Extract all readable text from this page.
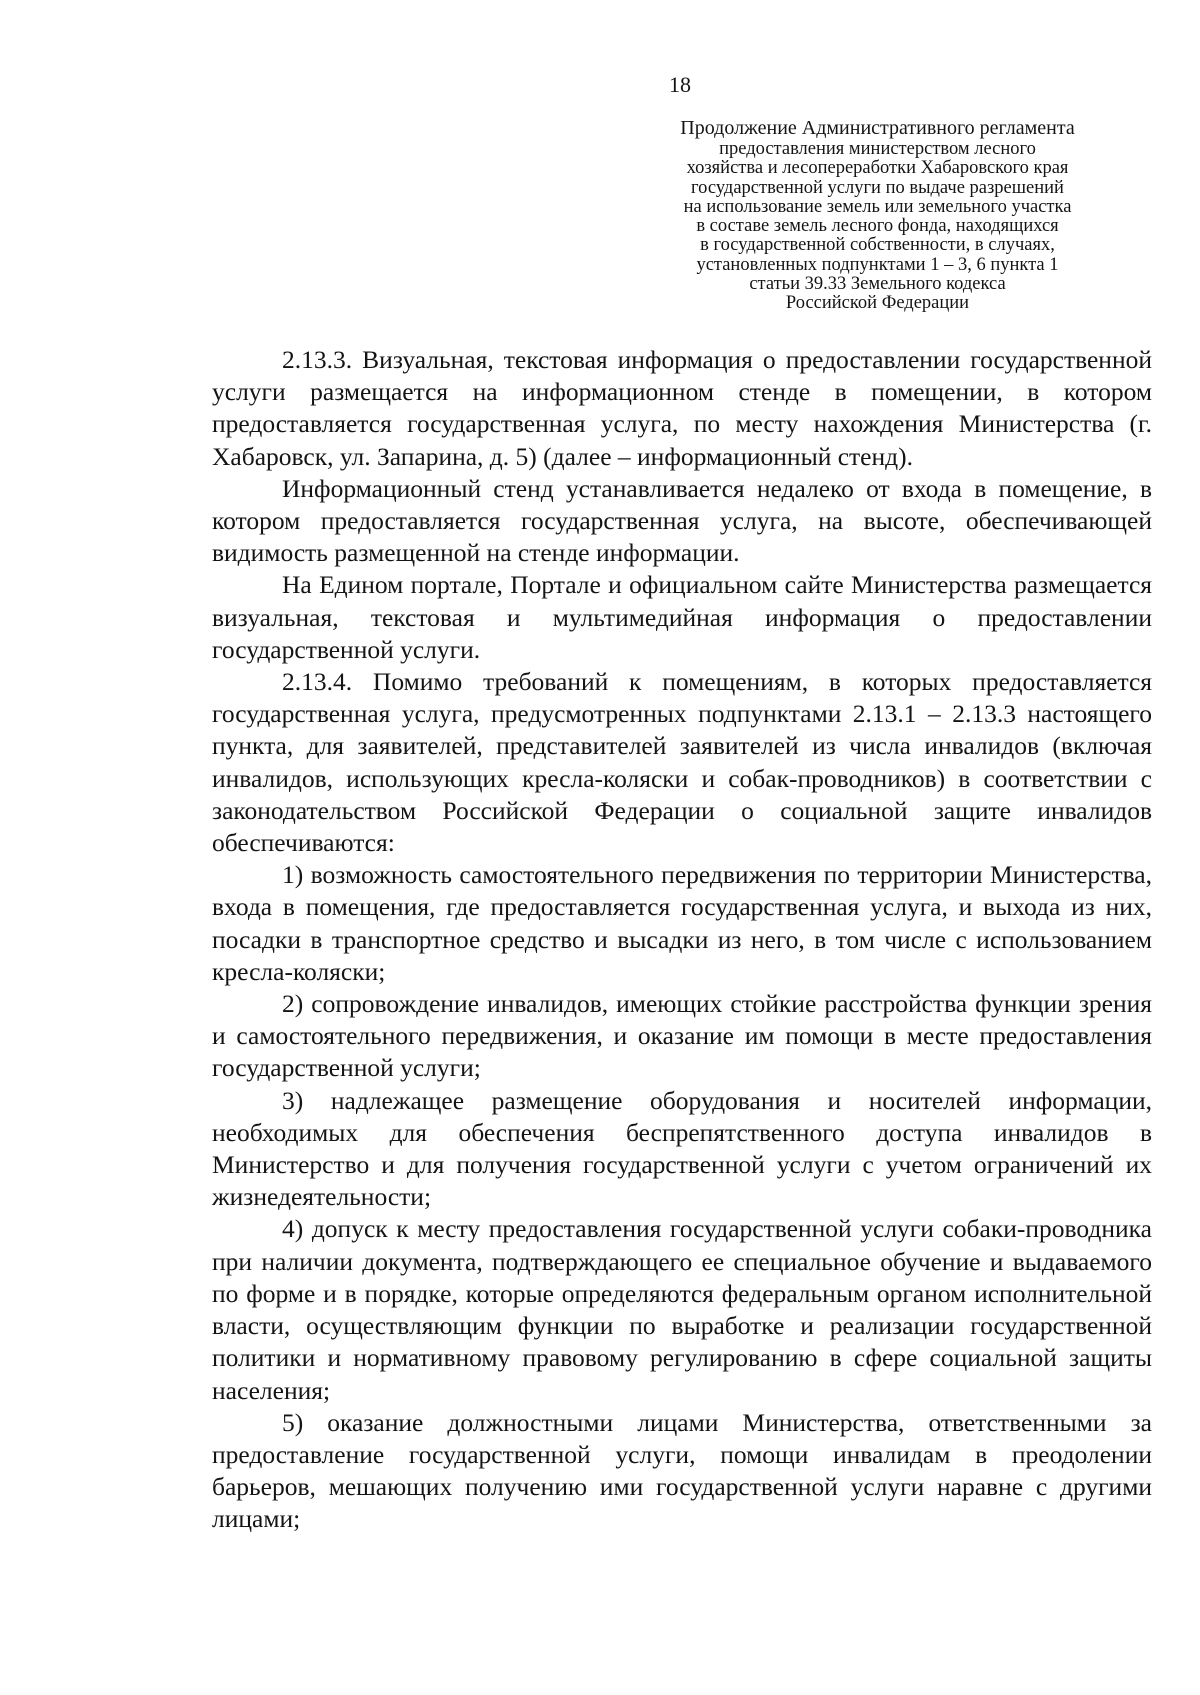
18
Продолжение Административного регламента
предоставления министерством лесного
хозяйства и лесопереработки Хабаровского края
государственной услуги по выдаче разрешений
на использование земель или земельного участка
в составе земель лесного фонда, находящихся
в государственной собственности, в случаях,
установленных подпунктами 1 – 3, 6 пункта 1
статьи 39.33 Земельного кодекса
Российской Федерации

2.13.3. Визуальная, текстовая информация о предоставлении государственной услуги размещается на информационном стенде в помещении, в котором предоставляется государственная услуга, по месту нахождения Министерства (г. Хабаровск, ул. Запарина, д. 5) (далее – информационный стенд).

Информационный стенд устанавливается недалеко от входа в помещение, в котором предоставляется государственная услуга, на высоте, обеспечивающей видимость размещенной на стенде информации.

На Едином портале, Портале и официальном сайте Министерства размещается визуальная, текстовая и мультимедийная информация о предоставлении государственной услуги.

2.13.4. Помимо требований к помещениям, в которых предоставляется государственная услуга, предусмотренных подпунктами 2.13.1 – 2.13.3 настоящего пункта, для заявителей, представителей заявителей из числа инвалидов (включая инвалидов, использующих кресла-коляски и собак-проводников) в соответствии с законодательством Российской Федерации о социальной защите инвалидов обеспечиваются:

1) возможность самостоятельного передвижения по территории Министерства, входа в помещения, где предоставляется государственная услуга, и выхода из них, посадки в транспортное средство и высадки из него, в том числе с использованием кресла-коляски;

2) сопровождение инвалидов, имеющих стойкие расстройства функции зрения и самостоятельного передвижения, и оказание им помощи в месте предоставления государственной услуги;

3) надлежащее размещение оборудования и носителей информации, необходимых для обеспечения беспрепятственного доступа инвалидов в Министерство и для получения государственной услуги с учетом ограничений их жизнедеятельности;

4) допуск к месту предоставления государственной услуги собаки-проводника при наличии документа, подтверждающего ее специальное обучение и выдаваемого по форме и в порядке, которые определяются федеральным органом исполнительной власти, осуществляющим функции по выработке и реализации государственной политики и нормативному правовому регулированию в сфере социальной защиты населения;

5) оказание должностными лицами Министерства, ответственными за предоставление государственной услуги, помощи инвалидам в преодолении барьеров, мешающих получению ими государственной услуги наравне с другими лицами;
